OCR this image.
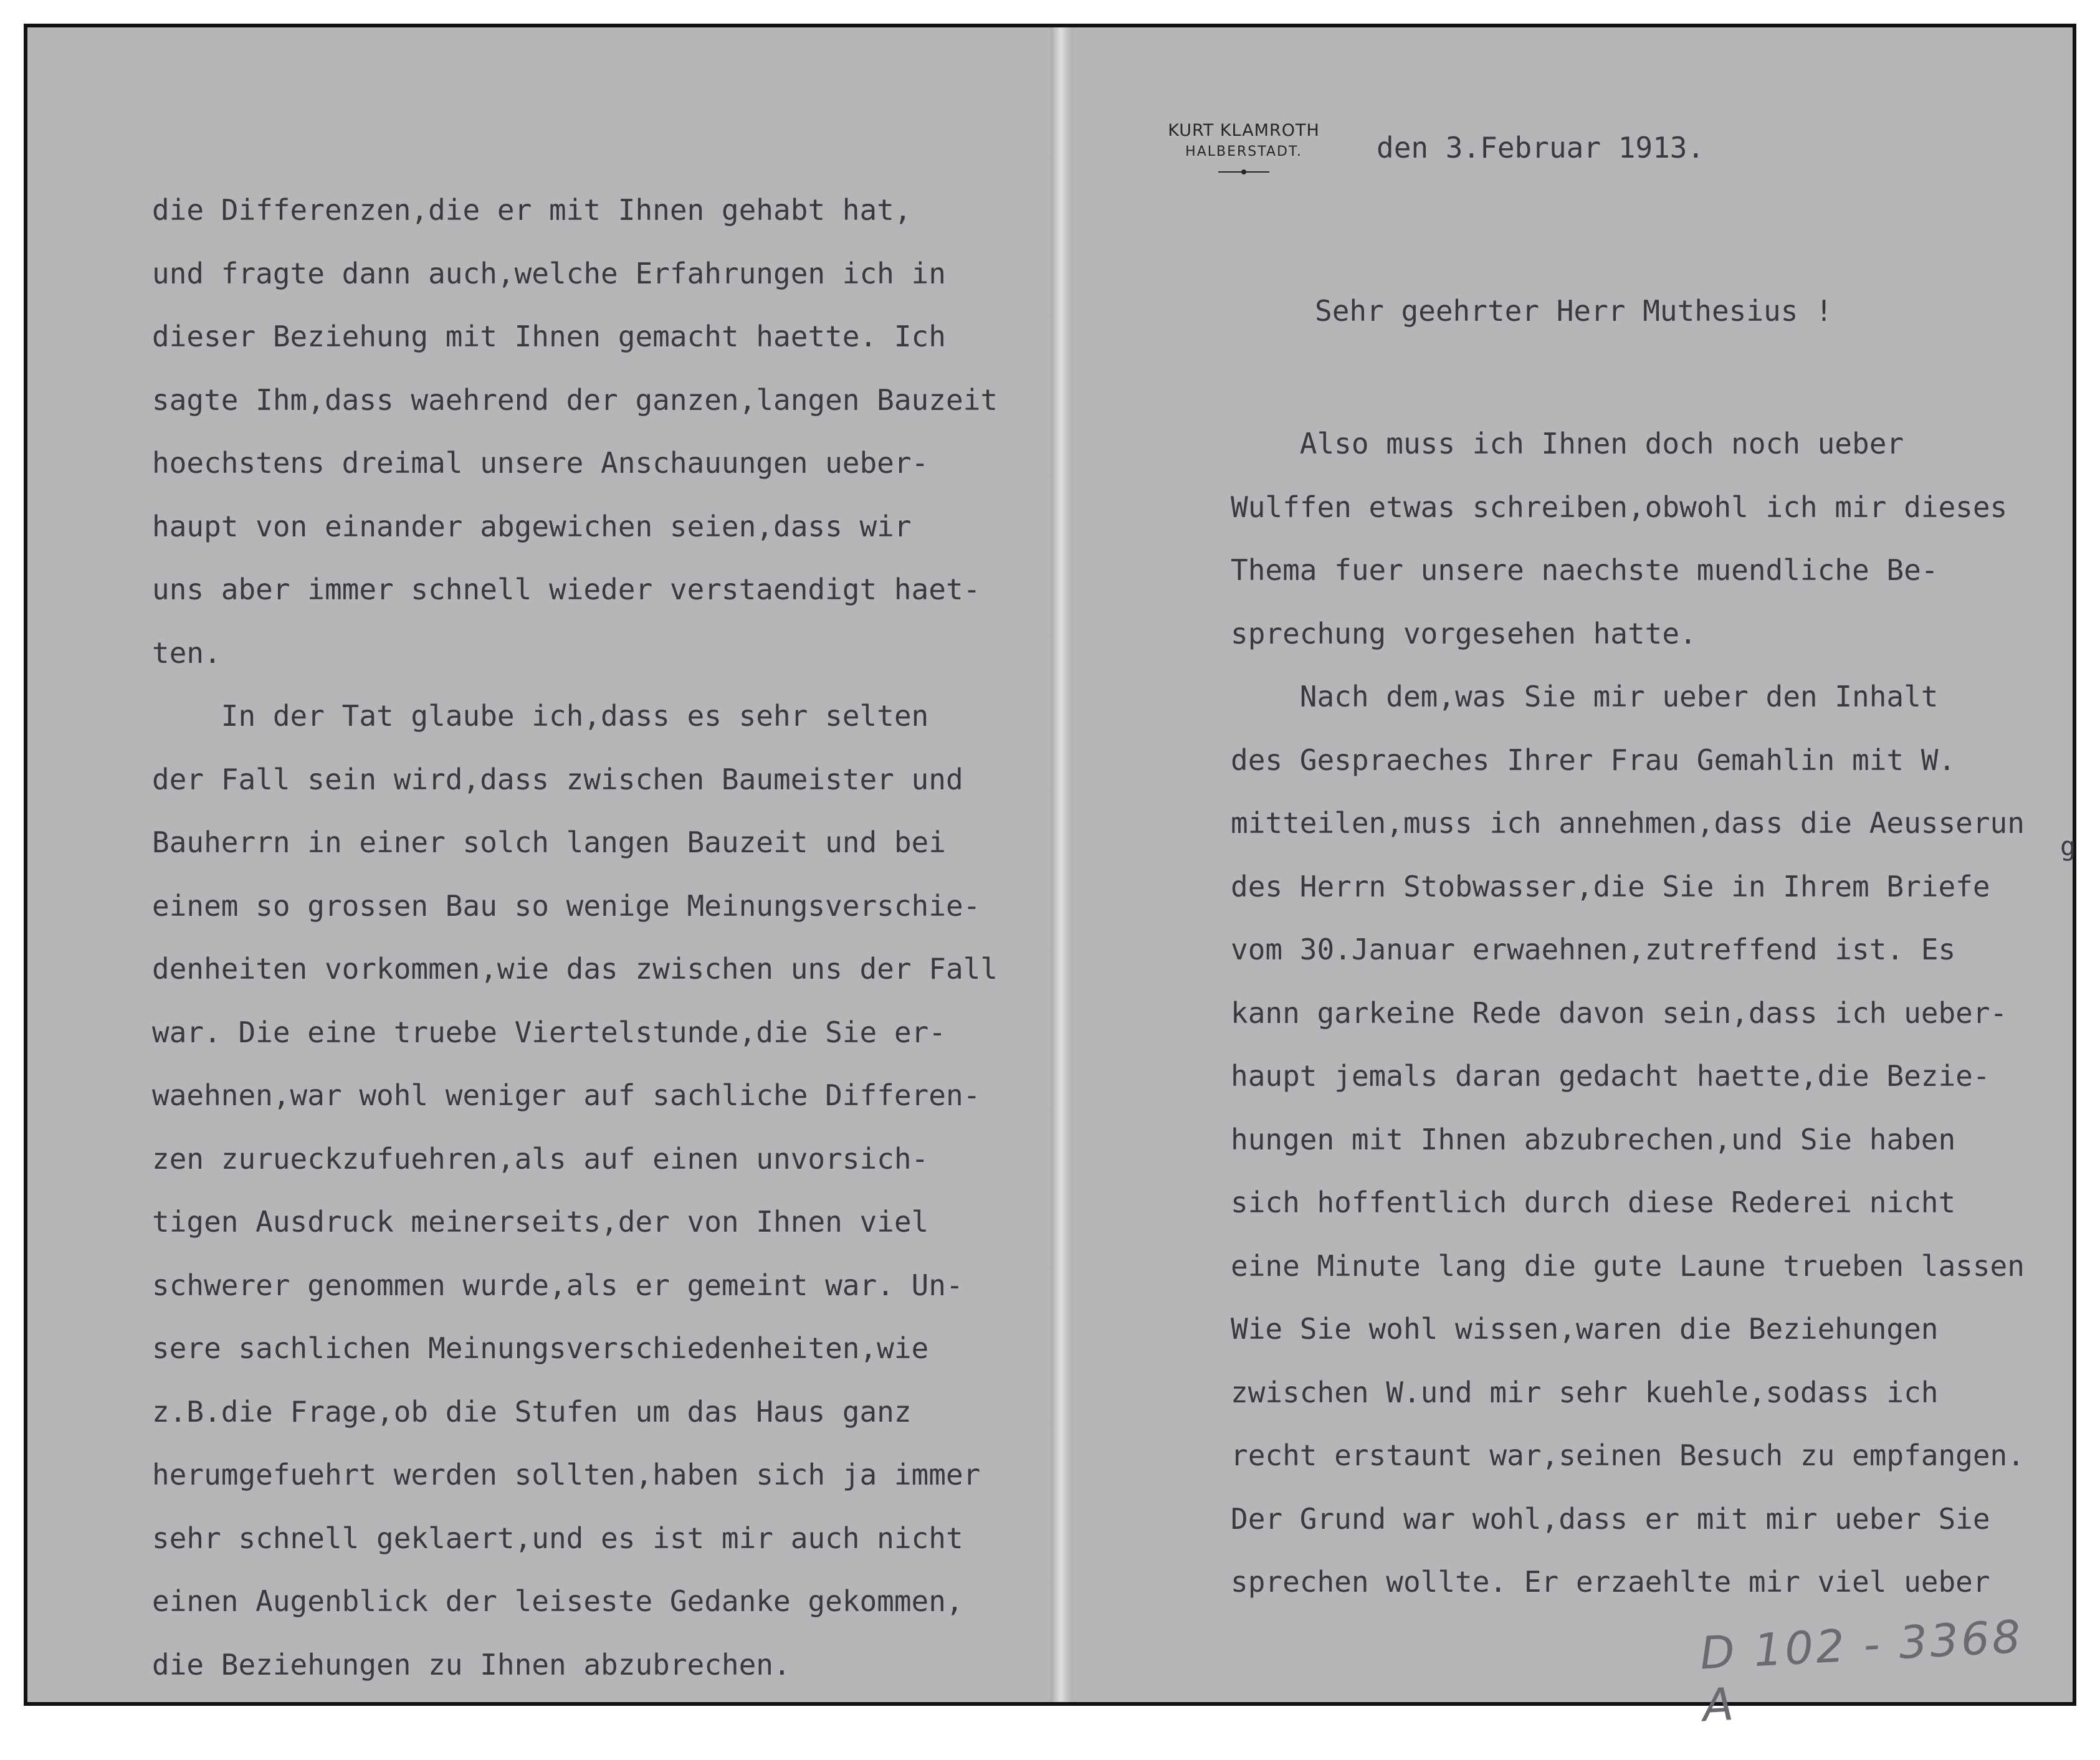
die Differenzen,die er mit Ihnen gehabt hat,
und fragte dann auch,welche Erfahrungen ich in
dieser Beziehung mit Ihnen gemacht haette. Ich
sagte Ihm,dass waehrend der ganzen,langen Bauzeit
hoechstens dreimal unsere Anschauungen ueber-
haupt von einander abgewichen seien,dass wir
uns aber immer schnell wieder verstaendigt haet-
ten.
In der Tat glaube ich,dass es sehr selten
der Fall sein wird,dass zwischen Baumeister und
Bauherrn in einer solch langen Bauzeit und bei
einem so grossen Bau so wenige Meinungsverschie-
denheiten vorkommen,wie das zwischen uns der Fall
war. Die eine truebe Viertelstunde,die Sie er-
waehnen,war wohl weniger auf sachliche Differen-
zen zurueckzufuehren,als auf einen unvorsich-
tigen Ausdruck meinerseits,der von Ihnen viel
schwerer genommen wurde,als er gemeint war. Un-
sere sachlichen Meinungsverschiedenheiten,wie
z.B.die Frage,ob die Stufen um das Haus ganz
herumgefuehrt werden sollten,haben sich ja immer
sehr schnell geklaert,und es ist mir auch nicht
einen Augenblick der leiseste Gedanke gekommen,
die Beziehungen zu Ihnen abzubrechen.
KURT KLAMROTH
HALBERSTADT.	den 3.Februar 1913.
Sehr geehrter Herr Muthesius !
Also muss ich Ihnen doch noch ueber
Wulffen etwas schreiben,obwohl ich mir dieses
Thema fuer unsere naechste muendliche Be-
sprechung vorgesehen hatte.
Nach dem,was Sie mir ueber den Inhalt
des Gespraeches Ihrer Frau Gemahlin mit W.
mitteilen,muss ich annehmen,dass die Aeusserun
des Herrn Stobwasser,die Sie in Ihrem Briefe
vom 30.Januar erwaehnen,zutreffend ist. Es
kann garkeine Rede davon sein,dass ich ueber-
haupt jemals daran gedacht haette,die Bezie-
hungen mit Ihnen abzubrechen,und Sie haben
sich hoffentlich durch diese Rederei nicht
eine Minute lang die gute Laune trueben lassen
Wie Sie wohl wissen,waren die Beziehungen
zwischen W.und mir sehr kuehle,sodass ich
recht erstaunt war,seinen Besuch zu empfangen.
Der Grund war wohl,dass er mit mir ueber Sie
sprechen wollte. Er erzaehlte mir viel ueber
g
D 102 - 3368 A
